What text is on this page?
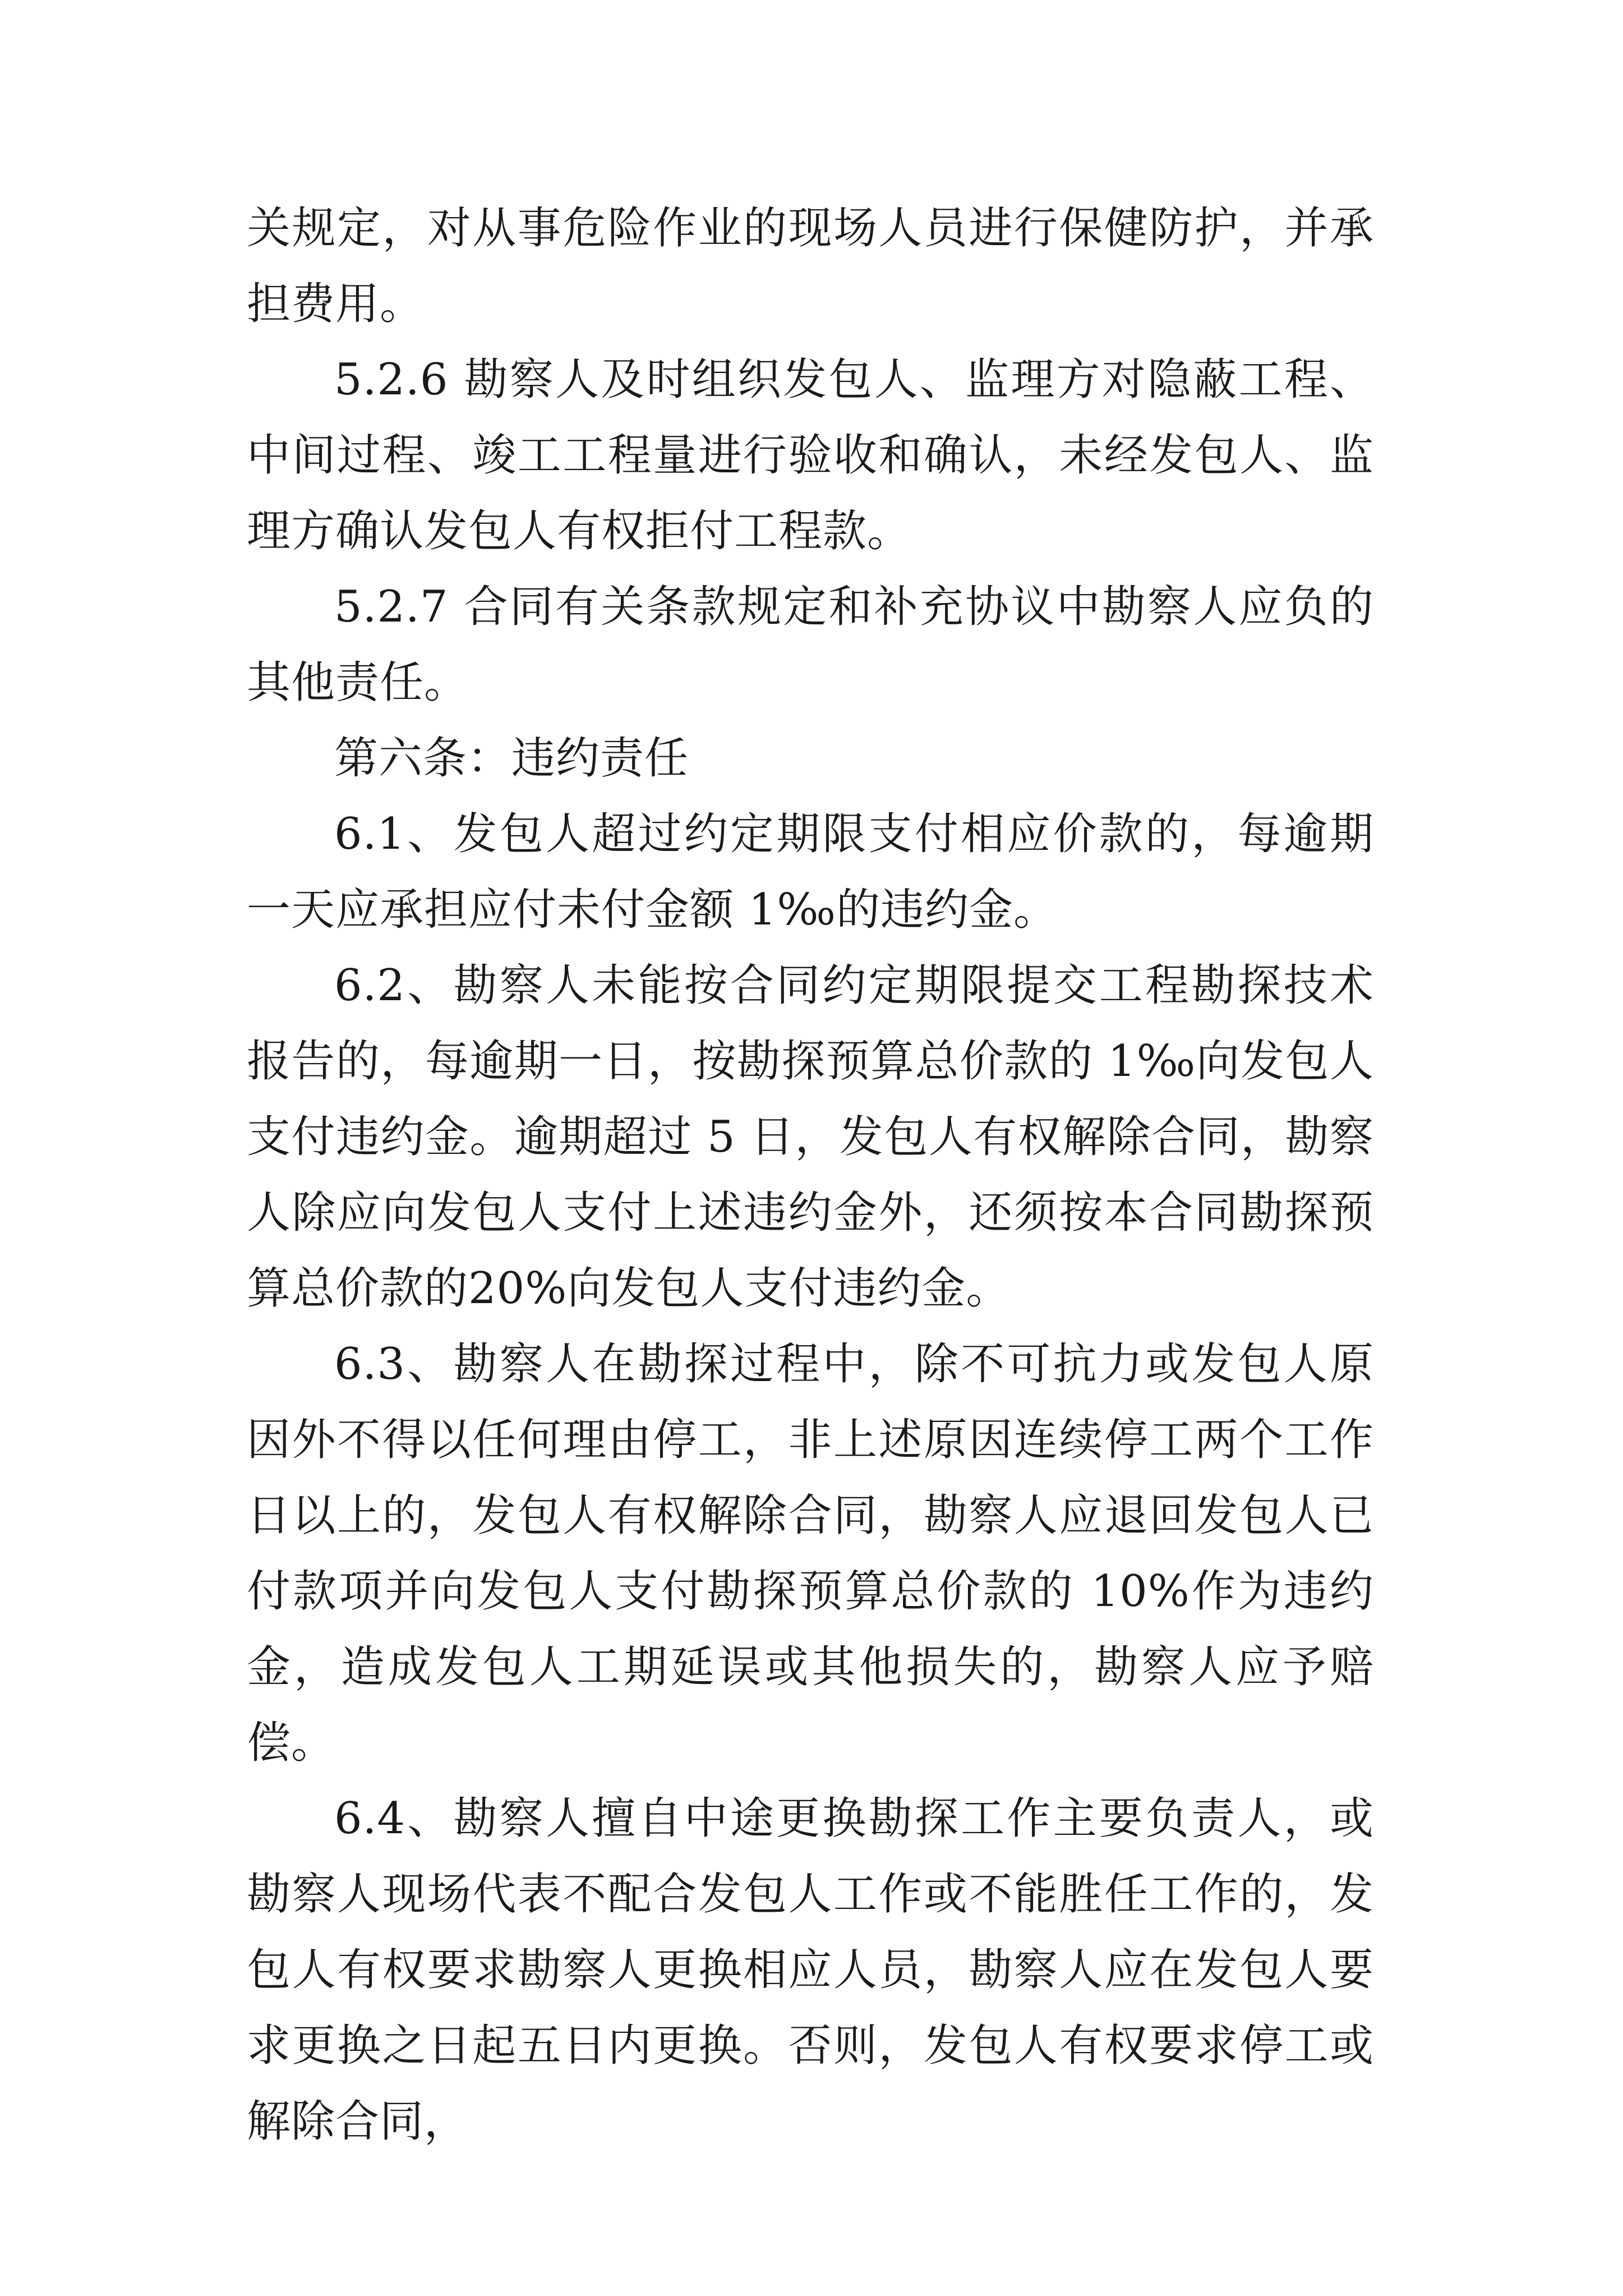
关规定，对从事危险作业的现场人员进行保健防护，并承担费用。

5.2.6 勘察人及时组织发包人、监理方对隐蔽工程、中间过程、竣工工程量进行验收和确认，未经发包人、监理方确认发包人有权拒付工程款。

5.2.7 合同有关条款规定和补充协议中勘察人应负的其他责任。

第六条：违约责任

6.1、发包人超过约定期限支付相应价款的，每逾期一天应承担应付未付金额 1‰的违约金。

6.2、勘察人未能按合同约定期限提交工程勘探技术报告的，每逾期一日，按勘探预算总价款的 1‰向发包人支付违约金。逾期超过 5 日，发包人有权解除合同，勘察人除应向发包人支付上述违约金外，还须按本合同勘探预算总价款的20%向发包人支付违约金。

6.3、勘察人在勘探过程中，除不可抗力或发包人原因外不得以任何理由停工，非上述原因连续停工两个工作日以上的，发包人有权解除合同，勘察人应退回发包人已付款项并向发包人支付勘探预算总价款的 10%作为违约金，造成发包人工期延误或其他损失的，勘察人应予赔偿。

6.4、勘察人擅自中途更换勘探工作主要负责人，或勘察人现场代表不配合发包人工作或不能胜任工作的，发包人有权要求勘察人更换相应人员，勘察人应在发包人要求更换之日起五日内更换。否则，发包人有权要求停工或解除合同，
